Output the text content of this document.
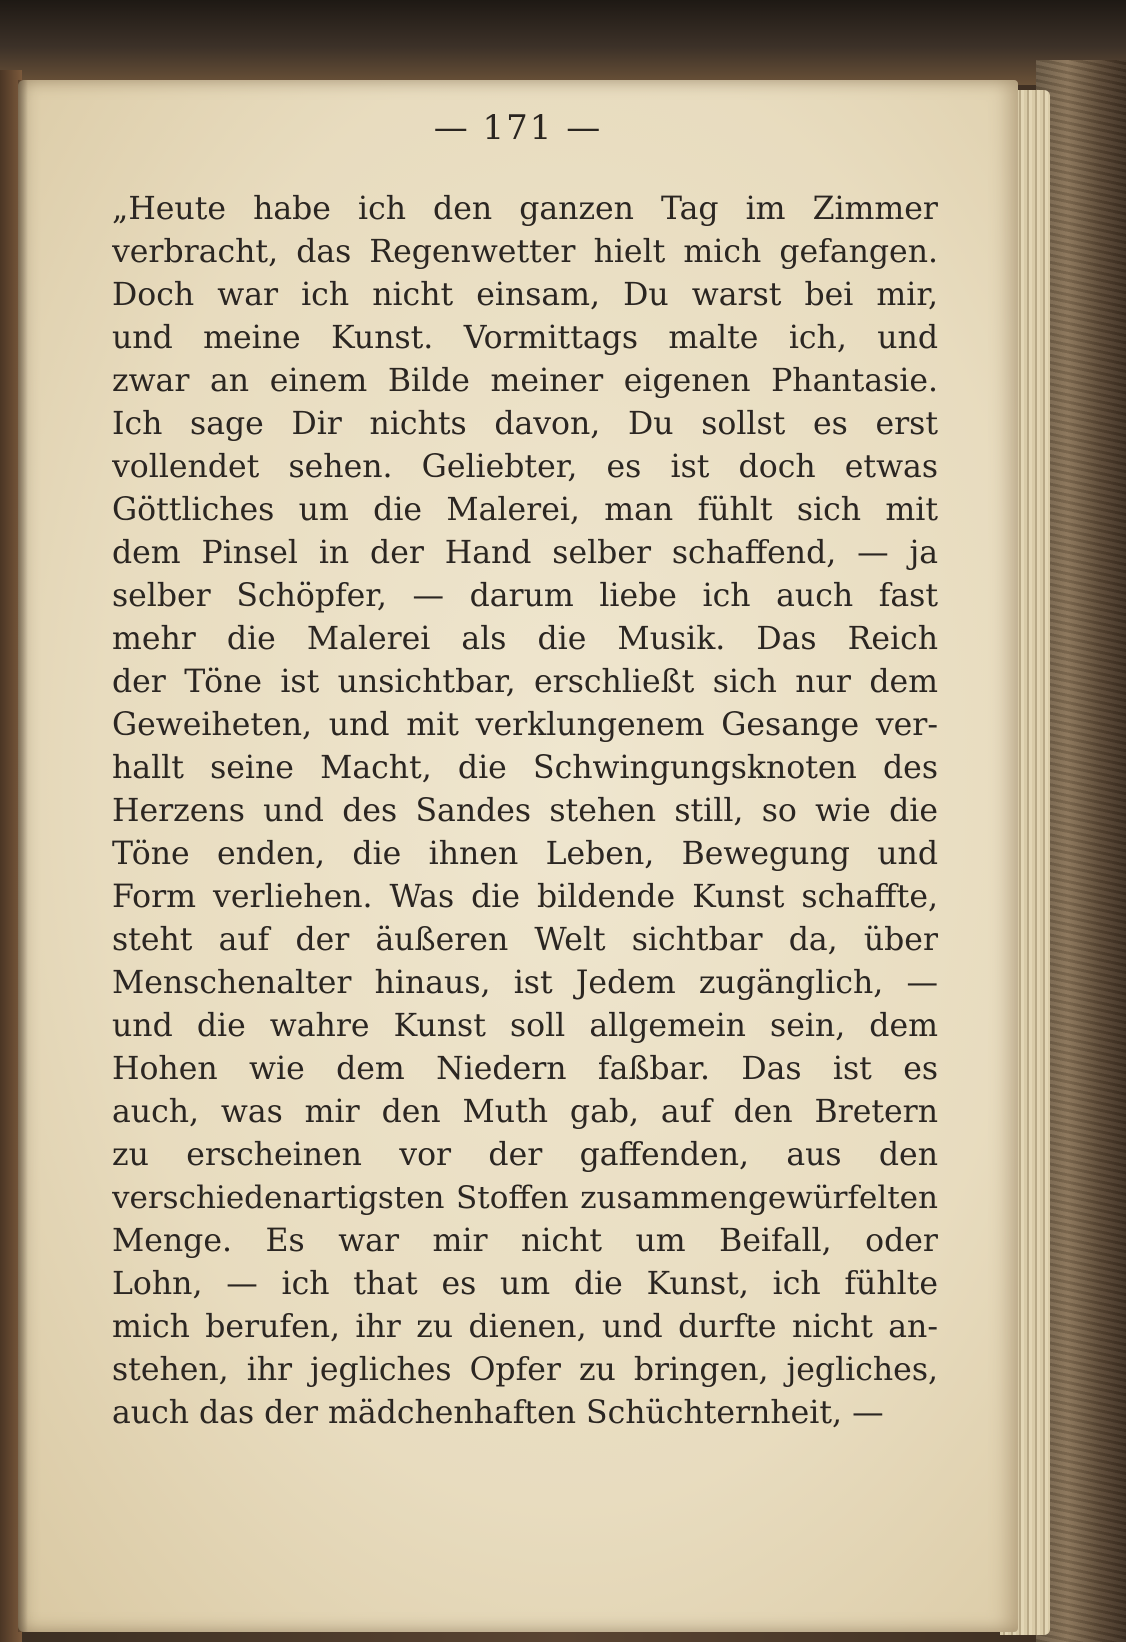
— 171 —
„Heute habe ich den ganzen Tag im Zimmer
verbracht, das Regenwetter hielt mich gefangen.
Doch war ich nicht einsam, Du warst bei mir,
und meine Kunst. Vormittags malte ich, und
zwar an einem Bilde meiner eigenen Phantasie.
Ich sage Dir nichts davon, Du sollst es erst
vollendet sehen. Geliebter, es ist doch etwas
Göttliches um die Malerei, man fühlt sich mit
dem Pinsel in der Hand selber schaffend, — ja
selber Schöpfer, — darum liebe ich auch fast
mehr die Malerei als die Musik. Das Reich
der Töne ist unsichtbar, erschließt sich nur dem
Geweiheten, und mit verklungenem Gesange ver-
hallt seine Macht, die Schwingungsknoten des
Herzens und des Sandes stehen still, so wie die
Töne enden, die ihnen Leben, Bewegung und
Form verliehen. Was die bildende Kunst schaffte,
steht auf der äußeren Welt sichtbar da, über
Menschenalter hinaus, ist Jedem zugänglich, —
und die wahre Kunst soll allgemein sein, dem
Hohen wie dem Niedern faßbar. Das ist es
auch, was mir den Muth gab, auf den Bretern
zu erscheinen vor der gaffenden, aus den
verschiedenartigsten Stoffen zusammengewürfelten
Menge. Es war mir nicht um Beifall, oder
Lohn, — ich that es um die Kunst, ich fühlte
mich berufen, ihr zu dienen, und durfte nicht an-
stehen, ihr jegliches Opfer zu bringen, jegliches,
auch das der mädchenhaften Schüchternheit, —
